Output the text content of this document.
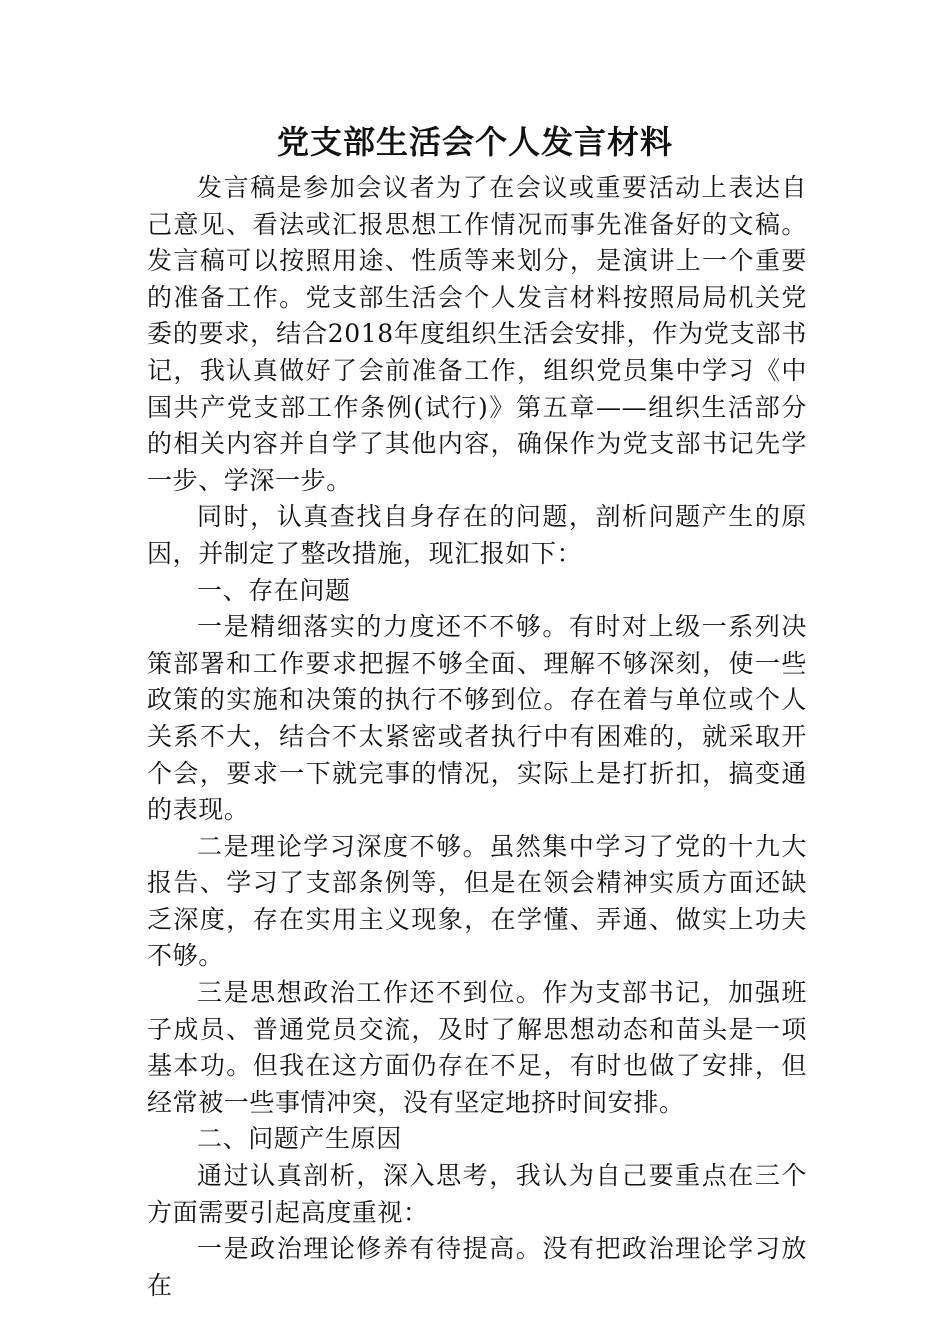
党支部生活会个人发言材料

发言稿是参加会议者为了在会议或重要活动上表达自己意见、看法或汇报思想工作情况而事先准备好的文稿。发言稿可以按照用途、性质等来划分，是演讲上一个重要的准备工作。党支部生活会个人发言材料按照局局机关党委的要求，结合2018年度组织生活会安排，作为党支部书记，我认真做好了会前准备工作，组织党员集中学习《中国共产党支部工作条例(试行)》第五章——组织生活部分的相关内容并自学了其他内容，确保作为党支部书记先学一步、学深一步。

同时，认真查找自身存在的问题，剖析问题产生的原因，并制定了整改措施，现汇报如下：

一、存在问题

一是精细落实的力度还不不够。有时对上级一系列决策部署和工作要求把握不够全面、理解不够深刻，使一些政策的实施和决策的执行不够到位。存在着与单位或个人关系不大，结合不太紧密或者执行中有困难的，就采取开个会，要求一下就完事的情况，实际上是打折扣，搞变通的表现。

二是理论学习深度不够。虽然集中学习了党的十九大报告、学习了支部条例等，但是在领会精神实质方面还缺乏深度，存在实用主义现象，在学懂、弄通、做实上功夫不够。

三是思想政治工作还不到位。作为支部书记，加强班子成员、普通党员交流，及时了解思想动态和苗头是一项基本功。但我在这方面仍存在不足，有时也做了安排，但经常被一些事情冲突，没有坚定地挤时间安排。

二、问题产生原因

通过认真剖析，深入思考，我认为自己要重点在三个方面需要引起高度重视：

一是政治理论修养有待提高。没有把政治理论学习放在
